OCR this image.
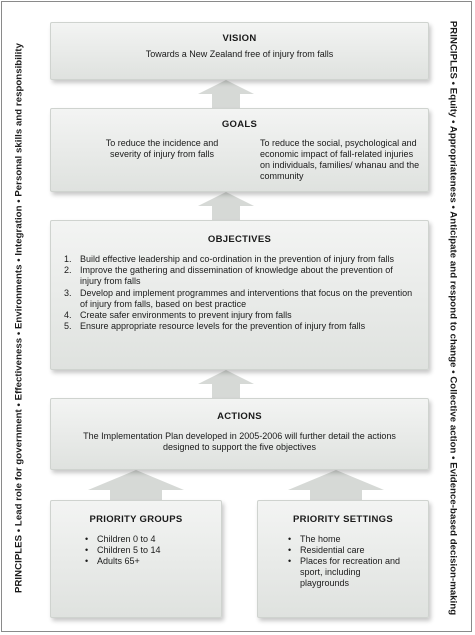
PRINCIPLES • Lead role for government • Effectiveness • Environments • Integration • Personal skills and responsibility	PRINCIPLES • Equity • Appropriateness • Anticipate and respond to change • Collective action • Evidence-based decision-making
VISION
Towards a New Zealand free of injury from falls
GOALS
To reduce the incidence and severity of injury from falls
To reduce the social, psychological and economic impact of fall-related injuries on individuals, families/ whanau and the community
OBJECTIVES
1. Build effective leadership and co-ordination in the prevention of injury from falls
2. Improve the gathering and dissemination of knowledge about the prevention of injury from falls
3. Develop and implement programmes and interventions that focus on the prevention of injury from falls, based on best practice
4. Create safer environments to prevent injury from falls
5. Ensure appropriate resource levels for the prevention of injury from falls
ACTIONS
The Implementation Plan developed in 2005-2006 will further detail the actions designed to support the five objectives
PRIORITY GROUPS
• Children 0 to 4
• Children 5 to 14
• Adults 65+
PRIORITY SETTINGS
• The home
• Residential care
• Places for recreation and sport, including playgrounds
